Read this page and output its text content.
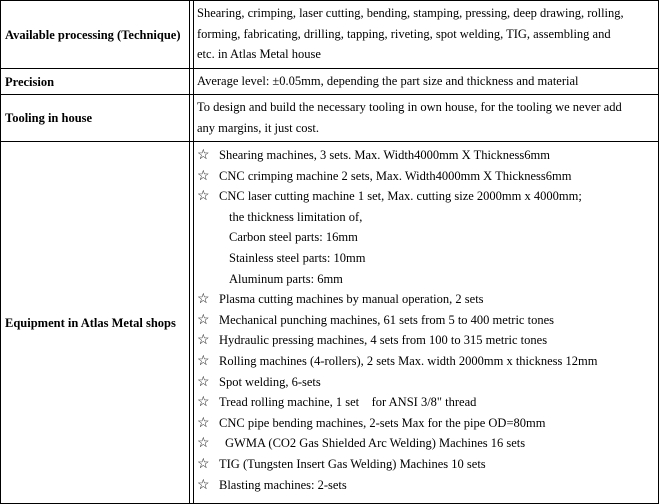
Available processing (Technique)
Shearing, crimping, laser cutting, bending, stamping, pressing, deep drawing, rolling,
forming, fabricating, drilling, tapping, riveting, spot welding, TIG, assembling and
etc. in Atlas Metal house
Precision	Average level: ±0.05mm, depending the part size and thickness and material
Tooling in house
To design and build the necessary tooling in own house, for the tooling we never add
any margins, it just cost.
Equipment in Atlas Metal shops
☆ Shearing machines, 3 sets. Max. Width4000mm X Thickness6mm
☆ CNC crimping machine 2 sets, Max. Width4000mm X Thickness6mm
☆ CNC laser cutting machine 1 set, Max. cutting size 2000mm x 4000mm;
the thickness limitation of,
Carbon steel parts: 16mm
Stainless steel parts: 10mm
Aluminum parts: 6mm
☆ Plasma cutting machines by manual operation, 2 sets
☆ Mechanical punching machines, 61 sets from 5 to 400 metric tones
☆ Hydraulic pressing machines, 4 sets from 100 to 315 metric tones
☆ Rolling machines (4-rollers), 2 sets Max. width 2000mm x thickness 12mm
☆ Spot welding, 6-sets
☆ Tread rolling machine, 1 set    for ANSI 3/8" thread
☆ CNC pipe bending machines, 2-sets Max for the pipe OD=80mm
☆ GWMA (CO2 Gas Shielded Arc Welding) Machines 16 sets
☆ TIG (Tungsten Insert Gas Welding) Machines 10 sets
☆ Blasting machines: 2-sets
